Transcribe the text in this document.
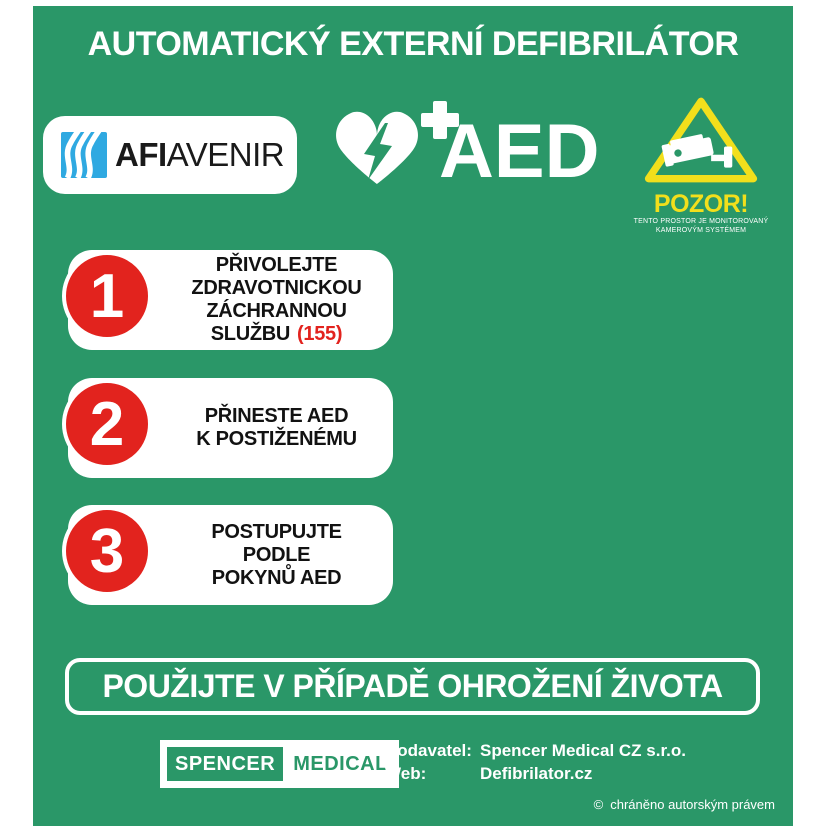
AUTOMATICKÝ EXTERNÍ DEFIBRILÁTOR
AFIAVENIR AED
POZOR!
TENTO PROSTOR JE MONITOROVANÝ
KAMEROVÝM SYSTÉMEM
1	PŘIVOLEJTE
ZDRAVOTNICKOU
ZÁCHRANNOU
SLUŽBU (155)
2	PŘINESTE AED
K POSTIŽENÉMU
3	POSTUPUJTE
PODLE
POKYNŮ AED
POUŽIJTE V PŘÍPADĚ OHROŽENÍ ŽIVOTA
SPENCER MEDICAL
Dodavatel: Spencer Medical CZ s.r.o.
Web:	Defibrilator.cz
© chráněno autorským právem
